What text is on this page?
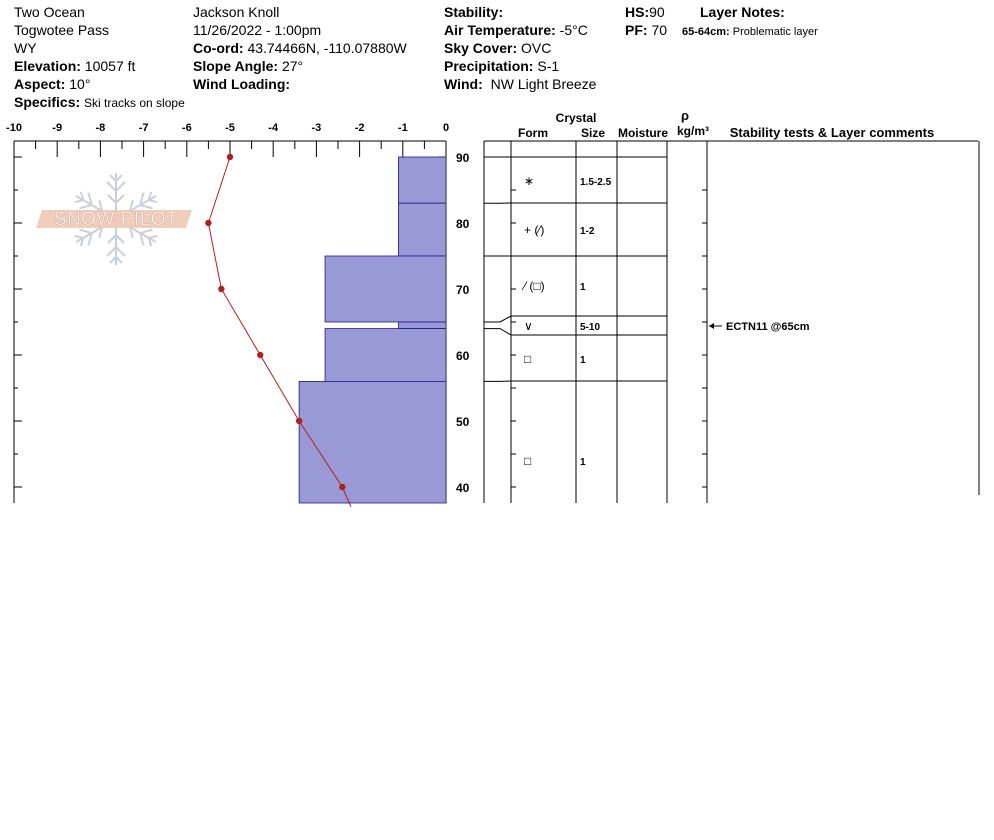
Two Ocean
Togwotee Pass
WY
Elevation: 10057 ft
Aspect: 10°
Specifics: Ski tracks on slope
Jackson Knoll
11/26/2022 - 1:00pm
Co-ord: 43.74466N, -110.07880W
Slope Angle: 27°
Wind Loading:
Stability:
Air Temperature: -5°C
Sky Cover: OVC
Precipitation: S-1
Wind: NW Light Breeze
HS:90
PF: 70
Layer Notes:
65-64cm: Problematic layer
-10	-9	-8	-7	-6	-5	-4	-3	-2	-1	0
90
80
70
60
50
40
Crystal
Form	Size Moisture
ρ
kg/m³ Stability tests & Layer comments
∗	1.5-2.5
+ (⁄)	1-2
⁄ (□)	1
∨	5-10
□	1
□	1
ECTN11 @65cm
SNOW PILOT
